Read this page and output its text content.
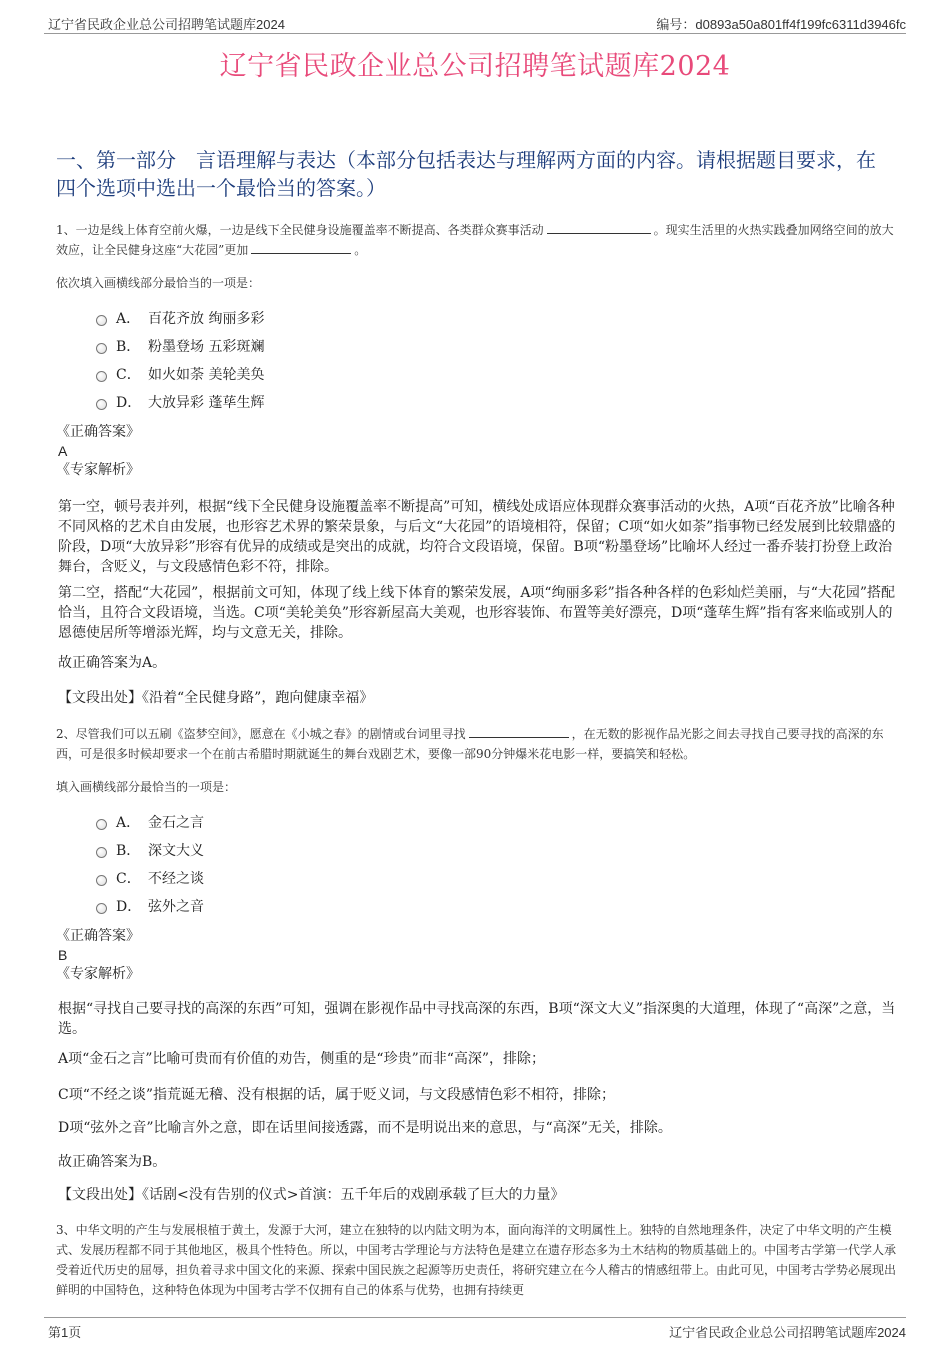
辽宁省民政企业总公司招聘笔试题库2024	编号：d0893a50a801ff4f199fc6311d3946fc
辽宁省民政企业总公司招聘笔试题库2024
一、第一部分　言语理解与表达（本部分包括表达与理解两方面的内容。请根据题目要求，在四个选项中选出一个最恰当的答案。）

1、一边是线上体育空前火爆，一边是线下全民健身设施覆盖率不断提高、各类群众赛事活动	。现实生活里的火热实践叠加网络空间的放大效应，让全民健身这座“大花园”更加	。

依次填入画横线部分最恰当的一项是：

A． 百花齐放 绚丽多彩
B． 粉墨登场 五彩斑斓
C． 如火如荼 美轮美奂
D． 大放异彩 蓬荜生辉

《正确答案》

A

《专家解析》

第一空，顿号表并列，根据“线下全民健身设施覆盖率不断提高”可知，横线处成语应体现群众赛事活动的火热，A项“百花齐放”比喻各种不同风格的艺术自由发展，也形容艺术界的繁荣景象，与后文“大花园”的语境相符，保留；C项“如火如荼”指事物已经发展到比较鼎盛的阶段，D项“大放异彩”形容有优异的成绩或是突出的成就，均符合文段语境，保留。B项“粉墨登场”比喻坏人经过一番乔装打扮登上政治舞台，含贬义，与文段感情色彩不符，排除。

第二空，搭配“大花园”，根据前文可知，体现了线上线下体育的繁荣发展，A项“绚丽多彩”指各种各样的色彩灿烂美丽，与“大花园”搭配恰当，且符合文段语境，当选。C项“美轮美奂”形容新屋高大美观，也形容装饰、布置等美好漂亮，D项“蓬荜生辉”指有客来临或别人的恩德使居所等增添光辉，均与文意无关，排除。

故正确答案为A。

【文段出处】《沿着“全民健身路”，跑向健康幸福》

2、尽管我们可以五刷《盗梦空间》，愿意在《小城之春》的剧情或台词里寻找	，在无数的影视作品光影之间去寻找自己要寻找的高深的东西，可是很多时候却要求一个在前古希腊时期就诞生的舞台戏剧艺术，要像一部90分钟爆米花电影一样，要搞笑和轻松。

填入画横线部分最恰当的一项是：

A． 金石之言
B． 深文大义
C． 不经之谈
D． 弦外之音

《正确答案》

B

《专家解析》

根据“寻找自己要寻找的高深的东西”可知，强调在影视作品中寻找高深的东西，B项“深文大义”指深奥的大道理，体现了“高深”之意，当选。

A项“金石之言”比喻可贵而有价值的劝告，侧重的是“珍贵”而非“高深”，排除；

C项“不经之谈”指荒诞无稽、没有根据的话，属于贬义词，与文段感情色彩不相符，排除；

D项“弦外之音”比喻言外之意，即在话里间接透露，而不是明说出来的意思，与“高深”无关，排除。

故正确答案为B。

【文段出处】《话剧<没有告别的仪式>首演：五千年后的戏剧承载了巨大的力量》

3、中华文明的产生与发展根植于黄土，发源于大河，建立在独特的以内陆文明为本，面向海洋的文明属性上。独特的自然地理条件，决定了中华文明的产生模式、发展历程都不同于其他地区，极具个性特色。所以，中国考古学理论与方法特色是建立在遗存形态多为土木结构的物质基础上的。中国考古学第一代学人承受着近代历史的屈辱，担负着寻求中国文化的来源、探索中国民族之起源等历史责任，将研究建立在今人稽古的情感纽带上。由此可见，中国考古学势必展现出鲜明的中国特色，这种特色体现为中国考古学不仅拥有自己的体系与优势，也拥有持续更

第1页	辽宁省民政企业总公司招聘笔试题库2024
